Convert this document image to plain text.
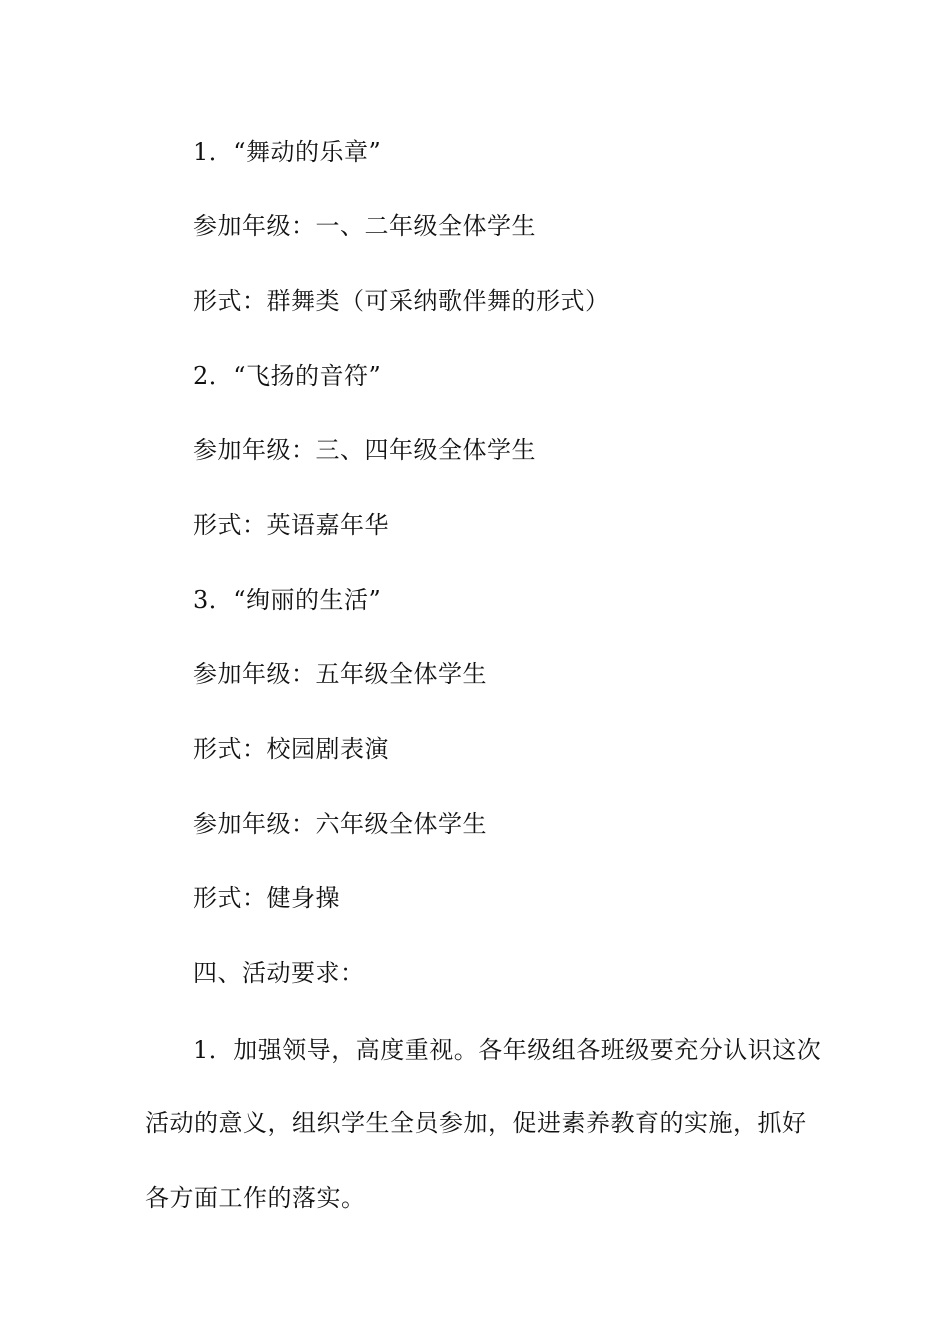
1．“舞动的乐章”
参加年级：一、二年级全体学生
形式：群舞类（可采纳歌伴舞的形式）
2．“飞扬的音符”
参加年级：三、四年级全体学生
形式：英语嘉年华
3．“绚丽的生活”
参加年级：五年级全体学生
形式：校园剧表演
参加年级：六年级全体学生
形式：健身操
四、活动要求：
1．加强领导，高度重视。各年级组各班级要充分认识这次
活动的意义，组织学生全员参加，促进素养教育的实施，抓好
各方面工作的落实。
